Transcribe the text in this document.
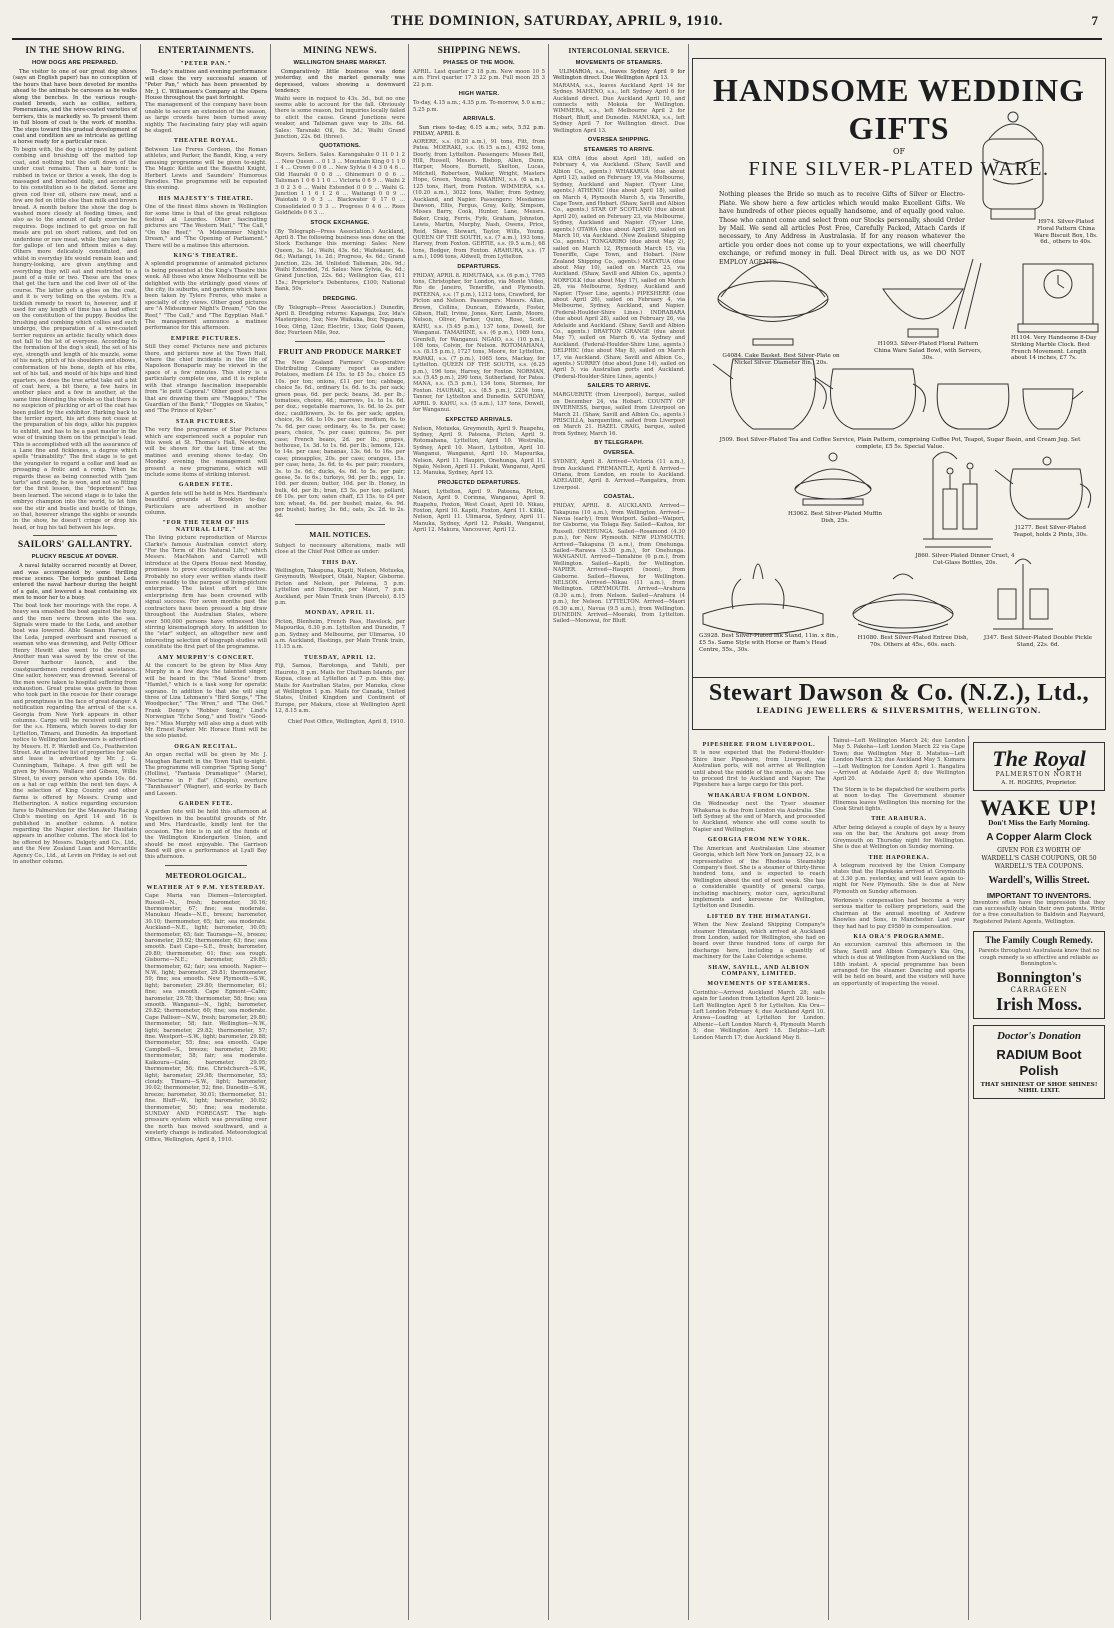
THE DOMINION, SATURDAY, APRIL 9, 1910.	7
IN THE SHOW RING.
HOW DOGS ARE PREPARED.

The visitor to one of our great dog shows (says an English paper) has no conception of the hours that have been devoted for months ahead to the animals he caresses as he walks along the benches. In the various rough-coated breeds, such as collies, setters, Pomeranians, and the wire-coated varieties of terriers, this is markedly so. To present them in full bloom of coat is the work of months. The steps toward this gradual development of coat and condition are as intricate as getting a horse ready for a particular race.

To begin with, the dog is stripped by patient combing and brushing off the matted top coat, and nothing but the soft down of the under coat remains. Then a hair tonic is rubbed in twice or thrice a week, the dog is massaged and brushed daily, and according to his constitution so is he dieted. Some are given cod liver oil, others raw meat, and a few are fed on little else than milk and brown bread. A month before the show the dog is washed more closely at feeding times, and also as to the amount of daily exercise he requires. Dogs inclined to get gross on full meals are put on short rations, and fed on underdone or raw meat, while they are taken for gallops of ten and fifteen miles a day. Others more delicately constituted, and whilst in everyday life would remain lean and hungry-looking, are given anything and everything they will eat and restricted to a jaunt of a mile or two. These are the ones that get the turn and the cod liver oil of the course. The latter gets a gloss on the coat, and it is very telling on the system. It's a ticklish remedy to resort to, however, and if used for any length of time has a bad effect on the constitution of the puppy. Besides the brushing and combing which collies and such undergo, the preparation of a wire-coated terrier requires an artistic faculty which does not fall to the lot of everyone. According to the formation of the dog's skull, the set of his eye, strength and length of his muzzle, some of his neck, pitch of his shoulders and elbows, conformation of his bone, depth of his ribs, set of his tail, and mould of his hips and hind quarters, so does the true artist take out a bit of coat here, a bit there, a few hairs in another place and a few in another, at the same time blending the whole so that there is no suspicion of plucking or art of the coat has been pulled by the exhibitor. Harking back to the terrier expert, his art does not cease at the preparation of his dogs, alike his puppies to exhibit, and has to be a past master in the wise of training them on the principal's lead. This is accomplished with all the assurance of a Lane fine and fickleness, a degree which spells "trainability." The first stage is to get the youngster to regard a collar and lead as presaging a frolic and a romp. When he regards these as being connected with "jam tarts" and candy, he is won, and not so fitting for the first lesson, the "deportment" has been learned. The second stage is to take the embryo champion into the world, to let him see the stir and bustle and bustle of things, so that, however strange the sights or sounds in the show, he doesn't cringe or drop his head, or hug his tail between his legs.
SAILORS' GALLANTRY.
PLUCKY RESCUE AT DOVER.

A naval fatality occurred recently at Dover, and was accompanied by some thrilling rescue scenes. The torpedo gunboat Leda entered the naval harbour during the height of a gale, and lowered a boat containing six men to moor her to a buoy.

The boat took her moorings with the rope. A heavy sea smashed the boat against the buoy, and the men were thrown into the sea. Signals were made to the Leda, and another boat was lowered. Able Seaman Harvey, of the Leda, jumped overboard and rescued a seaman who was drowning, and Petty Officer Henry Hewitt also went to the rescue. Another man was saved by the crew of the Dover harbour launch, and the coastguardsmen rendered great assistance. One sailor, however, was drowned. Several of the men were taken to hospital suffering from exhaustion. Great praise was given to those who took part in the rescue for their courage and promptness in the face of great danger. A notification regarding the arrival of the s.s. Georgia from New York appears in other columns. Cargo will be received until noon for the s.s. Himera, which leaves to-day for Lyttelton, Timaru, and Dunedin. An important notice to Wellington landowners is advertised by Messrs. H. F. Wardell and Co., Featherston Street. An attractive list of properties for sale and lease is advertised by Mr. J. G. Cunningham, Taihape. A free gift will be given by Messrs. Wallace and Gibson, Willis Street, to every person who spends 10s. 6d. on a hat or cap within the next ten days. A fine selection of King Country and other farms is offered by Messrs. Crump and Hetherington. A notice regarding excursion fares to Palmerston for the Manawatu Racing Club's meeting on April 14 and 16 is published in another column. A notice regarding the Napier election for Haultain appears in another column. The stock list to be offered by Messrs. Dalgety and Co., Ltd., and the New Zealand Loan and Mercantile Agency Co., Ltd., at Levin on Friday, is set out in another column.
ENTERTAINMENTS.
"PETER PAN."

To-day's matinee and evening performance will close the very successful season of "Peter Pan," which has been presented by Mr. J. C. Williamson's Company at the Opera House throughout the past fortnight.

The management of the company have been unable to secure an extension of the season, as large crowds have been turned away nightly. The fascinating fairy play will again be staged.
THEATRE ROYAL.
Between Les Freres Cordeon, the Roman athletes, and Parker, the Bandit, King, a very amusing programme will be given to-night. The Magic Kettle and the Boastful Knight, Herbert Lewis and Saunders' Humorous Parodies. The programme will be repeated this evening.
HIS MAJESTY'S THEATRE.
One of the finest films shown in Wellington for some time is that of the great religious festival at Lourdes. Other fascinating pictures are "The Western Mail," "The Call," "On the Reef," "A Midsummer Night's Dream," and "The Opening of Parliament." There will be a matinee this afternoon.
KING'S THEATRE.
A splendid programme of animated pictures is being presented at the King's Theatre this week. All those who know Melbourne will be delighted with the strikingly good views of the city, its suburbs, and gardens which have been taken by Tylers Freres, who make a specialty of city views. Other good pictures are "A Midsummer Night's Dream," "On the Reef," "The Call," and "The Egyptian Mail." The management announce a matinee performance for this afternoon.
EMPIRE PICTURES.
Still they come! Pictures new and pictures there, and pictures now at the Town Hall, where the chief incidents in the life of Napoleon Bonaparte may be viewed in the space of a few minutes. This story is a particularly complete one, and it is replete with that strange fascination inseparable from "le petit Caporal." Other good pictures that are drawing them are "Magpies," "The Guardian of the Bank," "Doggies on Skates," and "The Prince of Kyber."
STAR PICTURES.
The very fine programme of Star Pictures which are experienced such a popular run this week at St. Thomas's Hall, Newtown, will be shown for the last time at the matinee and evening shows to-day. On Monday evening the management will present a new programme, which will include some items of striking interest.
GARDEN FETE.
A garden fete will be held in Mrs. Hardman's beautiful grounds at Brooklyn to-day. Particulars are advertised in another column.
"FOR THE TERM OF HIS NATURAL LIFE."
The living picture reproduction of Marcus Clarke's famous Australian convict story, "For the Term of His Natural Life," which Messrs. MacMahon and Carroll will introduce at the Opera House next Monday, promises to prove exceptionally attractive. Probably no story ever written stands itself more readily to the purpose of living-picture enterprise. The latest effort of this enterprising firm has been crowned with signal success. For seven months past the contractors have been pressed a big draw throughout the Australian States, where over 500,000 persons have witnessed this stirring kinematograph story. In addition to the "star" subject, an altogether new and interesting selection of biograph studies will constitute the first part of the programme.
AMY MURPHY'S CONCERT.
At the concert to be given by Miss Amy Murphy in a few days the talented singer, will be heard in the "Mad Scene" from "Hamlet," which is a task song for operatic soprano. In addition to that she will sing three of Liza Lehmann's "Bird Songs," "The Woodpecker," "The Wren," and "The Owl." Frank Denny's "Robber Song," Lind's Norwegian "Echo Song," and Tosti's "Good-bye." Miss Murphy will also sing a duet with Mr. Ernest Parker. Mr. Horace Hunt will be the solo pianist.
ORGAN RECITAL.
An organ recital will be given by Mr. J. Maughan Barnett in the Town Hall to-night. The programme will comprise "Spring Song" (Hollins), "Fantasia Dramatique" (Marie), "Nocturne in F flat" (Chopin), overture "Tannhauser" (Wagner), and works by Bach and Lassen.
GARDEN FETE.
A garden fete will be held this afternoon at Vogeltown in the beautiful grounds of Mr. and Mrs. Hardcastle, kindly lent for the occasion. The fete is in aid of the funds of the Wellington Kindergarten Union, and should be most enjoyable. The Garrison Band will give a performance at Lyall Bay this afternoon.
METEOROLOGICAL.
WEATHER AT 9 P.M. YESTERDAY.
Cape Maria van Diemen—Intercepted. Russell—N., fresh; barometer, 30.16; thermometer, 67; fine; sea moderate. Manukau Heads—N.E., breeze; barometer, 30.10; thermometer, 65; fair; sea moderate. Auckland—N.E., light; barometer, 30.05; thermometer, 65; fair. Tauranga—N., breeze; barometer, 29.92; thermometer, 63; fine; sea smooth. East Cape—S.E., fresh; barometer, 29.80; thermometer, 61; fine; sea rough. Gisborne—N.E.; barometer, 29.85; thermometer, 62; fair; sea smooth. Napier—N.W., light; barometer, 29.81; thermometer, 59; fine; sea smooth. New Plymouth—S.W., light; barometer, 29.80; thermometer, 61; fine; sea smooth. Cape Egmont—Calm; barometer, 29.78; thermometer, 58; fine; sea smooth. Wanganui—N., light; barometer, 29.82; thermometer, 60; fine; sea moderate. Cape Palliser—N.W., fresh; barometer, 29.80; thermometer, 58; fair. Wellington—N.W., light; barometer, 29.82; thermometer, 57; fine. Westport—S.W., light; barometer, 29.88; thermometer, 55; fine; sea smooth. Cape Campbell—S., breeze; barometer, 29.90; thermometer, 58; fair; sea moderate. Kaikoura—Calm; barometer, 29.95; thermometer, 56; fine. Christchurch—S.W., light; barometer, 29.98; thermometer, 55; cloudy. Timaru—S.W., light; barometer, 30.02; thermometer, 52; fine. Dunedin—S.W., breeze; barometer, 30.01; thermometer, 51; fine. Bluff—W., light; barometer, 30.02; thermometer, 50; fine; sea moderate. SUNDAY AND FORECAST. The high-pressure system which was prevailing over the north has moved southward, and a westerly change is indicated. Meteorological Office, Wellington, April 8, 1910.
MINING NEWS.
WELLINGTON SHARE MARKET.

Comparatively little business was done yesterday, and the market generally was depressed, values showing a downward tendency.

Waihi were in request to 43s. 3d., but no one seems able to account for the fall. Obviously there is some reason, but inquiries locally failed to elicit the cause. Grand Junctions were weaker, and Talisman gave way to 20s. 6d. Sales: Taranaki Oil, 8s. 3d.; Waihi Grand Junction, 22s. 6d. (three).
QUOTATIONS.
Buyers. Sellers. Sales. Karangahake 0 11 0 1 2 ... New Queen ... 0 1 3 ... Mountain King 0 1 1 0 1 4 ... Crown 0 0 6 ... New Sylvia 0 4 3 0 4 6 ... Old Hauraki 0 0 8 ... Ohinemuri 0 0 6 ... Talisman 1 0 6 1 1 0 ... Victoria 0 6 9 ... Waihi 2 3 0 2 3 6 ... Waihi Extended 0 0 9 ... Waihi G. Junction 1 1 6 1 2 6 ... Waitangi 0 0 9 ... Waiotahi 0 0 3 ... Blackwater 0 17 0 ... Consolidated 0 5 3 ... Progress 0 4 6 ... Rees Goldfields 0 6 3 ...
STOCK EXCHANGE.
(By Telegraph—Press Association.) Auckland, April 8. The following business was done on the Stock Exchange this morning: Sales: New Queen, 3s. 1d.; Waihi, 43s. 6d.; Waitekauri, 4s. 6d.; Waitangi, 1s. 2d.; Progress, 4s. 6d.; Grand Junction, 22s. 3d. Unlisted: Talisman, 20s. 9d.; Waihi Extended, 7d. Sales: New Sylvia, 4s. 4d.; Grand Junction, 22s. 6d.; Wellington Gas, £11 15s.; Proprietor's Debentures, £100; National Bank, 50s.
DREDGING.
(By Telegraph—Press Association.) Dunedin, April 8. Dredging returns: Kapanga, 2oz; Ida's Masterpiece, 5oz; New Waikaka, 8oz; Ngapara, 10oz; Olrig, 12oz; Electric, 13oz; Gold Queen, 8oz; Fourteen Mile, 9oz.
FRUIT AND PRODUCE MARKET
The New Zealand Farmers' Co-operative Distributing Company report as under: Potatoes, medium £4 15s. to £5 5s.; choice £5 10s. per ton; onions, £11 per ton; cabbage, choice 5s. 6d., ordinary 1s. 6d. to 3s. per sack; green peas, 6d. per peck; beans, 3d. per lb.; tomatoes, choice, 4d.; marrows, 1s. to 1s. 6d. per doz.; vegetable marrows, 1s. 6d. to 2s. per doz.; cauliflowers, 3s. to 6s. per sack; apples, choice, 9s. 6d. to 10s. per case; medium, 6s. to 7s. 6d. per case; ordinary, 4s. to 5s. per case; pears, choice, 7s. per case; quinces, 5s. per case; French beans, 2d. per lb.; grapes, hothouse, 1s. 3d. to 1s. 6d. per lb.; lemons, 12s. to 14s. per case; bananas, 13s. 6d. to 16s. per case; pineapples, 20s. per case; oranges, 15s. per case; hens, 3s. 6d. to 4s. per pair; roosters, 3s. to 3s. 6d.; ducks, 4s. 6d. to 5s. per pair; geese, 5s. to 6s.; turkeys, 9d. per lb.; eggs, 1s. 10d. per dozen; butter, 10d. per lb. Honey, in bulk, 4d. per lb.; bran, £5 5s. per ton; pollard, £6 10s. per ton; oaten chaff, £3 15s. to £4 per ton; wheat, 4s. 6d. per bushel; maize, 4s. 9d. per bushel; barley, 3s. 6d.; oats, 2s. 2d. to 2s. 4d.
MAIL NOTICES.
Subject to necessary alterations, mails will close at the Chief Post Office as under:
THIS DAY.
Wellington, Takapuna, Kapiti, Nelson, Motueka, Greymouth, Westport, Otaki, Napier, Gisborne. Picton and Nelson, per Pateena, 5 p.m. Lyttelton and Dunedin, per Maori, 7 p.m. Auckland, per Main Trunk train (Parcels), 8.15 p.m.
MONDAY, APRIL 11.
Picton, Blenheim, French Pass, Havelock, per Mapourika, 6.30 p.m. Lyttelton and Dunedin, 7 p.m. Sydney and Melbourne, per Ulimaroa, 10 a.m. Auckland, Hastings, per Main Trunk train, 11.15 a.m.
TUESDAY, APRIL 12.
Fiji, Samoa, Rarotonga, and Tahiti, per Hauroto, 8 p.m. Mails for Chatham Islands, per Kopua, close at Lyttelton at 7 p.m. this day. Mails for Australian States, per Manuka, close at Wellington 1 p.m. Mails for Canada, United States, United Kingdom and Continent of Europe, per Makura, close at Wellington April 12, 8.15 a.m.
Chief Post Office, Wellington, April 8, 1910.
SHIPPING NEWS.
PHASES OF THE MOON.
APRIL. Last quarter 2 18 p.m. New moon 10 5 a.m. First quarter 17 3 22 p.m. Full moon 25 3 22 p.m.
HIGH WATER.
To-day, 4.15 a.m.; 4.35 p.m. To-morrow, 5.0 a.m.; 5.25 p.m.
ARRIVALS.

Sun rises to-day, 6.15 a.m.; sets, 5.52 p.m. FRIDAY, APRIL 8.

AORERE, s.s. (9.20 a.m.), 91 tons, Fitt, from Patea. MOERAKI, s.s. (6.15 a.m.), 4392 tons, Doorly, from Lyttelton. Passengers: Misses Bell, Hill, Russell, Messrs. Bishop, Allen, Dunn, Harper, Moore, Burnett, Skelton, Lucas, Mitchell, Robertson, Walker, Wright, Masters Hope, Green, Young. MAKARINI, s.s. (6 a.m.), 125 tons, Hart, from Foxton. WIMMERA, s.s. (10.20 a.m.), 3022 tons, Waller, from Sydney, Auckland, and Napier. Passengers: Mesdames Dawson, Ellis, Fergus, Gray, Kelly, Simpson, Misses Barry, Cook, Hunter, Lane, Messrs. Baker, Craig, Ferris, Fyfe, Graham, Johnston, Lewis, Martin, Murphy, Nash, Owens, Price, Reid, Shaw, Stewart, Taylor, Wills, Young. QUEEN OF THE SOUTH, s.s. (7 a.m.), 193 tons, Harvey, from Foxton. GERTIE, s.s. (9.5 a.m.), 68 tons, Bodger, from Foxton. ARAHURA, s.s. (7 a.m.), 1096 tons, Aldwell, from Lyttelton.
DEPARTURES.
FRIDAY, APRIL 8. RIMUTAKA, s.s. (6 p.m.), 7765 tons, Christopher, for London, via Monte Video, Rio de Janeiro, Teneriffe, and Plymouth. PATEENA, s.s. (7 p.m.), 1212 tons, Crawford, for Picton and Nelson. Passengers: Messrs. Allan, Brown, Collins, Duncan, Edwards, Foster, Gibson, Hall, Irvine, Jones, Kerr, Lamb, Moore, Nelson, Oliver, Parker, Quinn, Rose, Scott. KAHU, s.s. (5.45 p.m.), 137 tons, Dowell, for Wanganui. TAMAHINE, s.s. (6 p.m.), 1989 tons, Grenfell, for Wanganui. NGAIO, s.s. (10 p.m.), 108 tons, Colvin, for Nelson. ROTOMAHANA, s.s. (8.15 p.m.), 1727 tons, Moore, for Lyttelton. RAPAKI, s.s. (7 p.m.), 1065 tons, Mackay, for Lyttelton. QUEEN OF THE SOUTH, s.s. (6.25 p.m.), 196 tons, Harvey, for Foxton. NORMAN, s.s. (5.45 p.m.), 290 tons, Sutherland, for Patea. MANA, s.s. (5.5 p.m.), 134 tons, Stormes, for Foxton. HAURAKI, s.s. (8.5 p.m.), 2234 tons, Tanner, for Lyttelton and Dunedin. SATURDAY, APRIL 9. KAHU, s.s. (5 a.m.), 137 tons, Dowell, for Wanganui.
EXPECTED ARRIVALS.
Nelson, Motueka, Greymouth, April 9. Ruapehu, Sydney, April 9. Pateena, Picton, April 9. Rotomahana, Lyttelton, April 10. Westralia, Sydney, April 10. Maori, Lyttelton, April 10. Wanganui, Wanganui, April 10. Mapourika, Nelson, April 11. Haupiri, Onehunga, April 11. Ngaio, Nelson, April 11. Pukaki, Wanganui, April 12. Manuka, Sydney, April 13.
PROJECTED DEPARTURES.
Maori, Lyttelton, April 9. Pateena, Picton, Nelson, April 9. Corinna, Wanganui, April 9. Ruapehu, Foxton, West Coast, April 10. Nikau, Foxton, April 10. Kapiti, Foxton, April 11. Kiliki, Nelson, April 11. Ulimaroa, Sydney, April 11. Manuka, Sydney, April 12. Pukaki, Wanganui, April 12. Makura, Vancouver, April 12.
INTERCOLONIAL SERVICE.
MOVEMENTS OF STEAMERS.

ULIMAROA, s.s., leaves Sydney April 9 for Wellington direct. Due Wellington April 13.

MARAMA, s.s., leaves Auckland April 14 for Sydney. MAHENO, s.s., left Sydney April 6 for Auckland direct. Due Auckland April 10, and connects with Mokoia for Wellington. WIMMERA, s.s., left Melbourne April 2 for Hobart, Bluff, and Dunedin. MANUKA, s.s., left Sydney April 7 for Wellington direct. Due Wellington April 13.
OVERSEA SHIPPING.
STEAMERS TO ARRIVE.
KIA ORA (due about April 18), sailed on February 4, via Auckland. (Shaw, Savill and Albion Co., agents.) WHAKARUA (due about April 12), sailed on February 19, via Melbourne, Sydney, Auckland and Napier. (Tyser Line, agents.) ATHENIC (due about April 18), sailed on March 4, Plymouth March 5, via Teneriffe, Cape Town, and Hobart. (Shaw, Savill and Albion Co., agents.) STAR OF SCOTLAND (due about April 20), sailed on February 23, via Melbourne, Sydney, Auckland and Napier. (Tyser Line, agents.) OTAWA (due about April 29), sailed on March 10, via Auckland. (New Zealand Shipping Co., agents.) TONGARIRO (due about May 2), sailed on March 12, Plymouth March 15, via Teneriffe, Cape Town, and Hobart. (New Zealand Shipping Co., agents.) MATATUA (due about May 10), sailed on March 23, via Auckland. (Shaw, Savill and Albion Co., agents.) NORFOLK (due about May 17), sailed on March 28, via Melbourne, Sydney, Auckland and Napier. (Tyser Line, agents.) PIPESHERE (due about April 26), sailed on February 4, via Melbourne, Sydney, Auckland, and Napier. (Federal-Houlder-Shire Lines.) INDRABARA (due about April 28), sailed on February 26, via Adelaide and Auckland. (Shaw, Savill and Albion Co., agents.) DRAYTON GRANGE (due about May 7), sailed on March 6, via Sydney and Auckland. (Federal-Houlder-Shire Line, agents.) DELPHIC (due about May 8), sailed on March 17, via Auckland. (Shaw, Savill and Albion Co., agents.) SURREY (due about June 14), sailed on April 5, via Australian ports and Auckland. (Federal-Houlder-Shire Lines, agents.)
SAILERS TO ARRIVE.
MARGUERITE (from Liverpool), barque, sailed on December 24, via Hobart. COUNTY OF INVERNESS, barque, sailed from Liverpool on March 21. (Shaw, Savill and Albion Co., agents.) PRISCILLA, barquentine, sailed from Liverpool on March 21. HAZEL CRAIG, barque, sailed from Sydney, March 16.
BY TELEGRAPH.
OVERSEA.
SYDNEY, April 8. Arrived—Victoria (11 a.m.), from Auckland. FREMANTLE, April 8. Arrived—Oriana, from London, en route to Auckland. ADELAIDE, April 8. Arrived—Rangatira, from Liverpool.
COASTAL.
FRIDAY, APRIL 8. AUCKLAND. Arrived—Takapuna (10 a.m.), from Wellington. Arrived—Navua (early), from Westport. Sailed—Waipori, for Gisborne, via Tolaga Bay. Sailed—Kaitoa, for Russell. ONEHUNGA. Sailed—Rosamond (4.30 p.m.), for New Plymouth. NEW PLYMOUTH. Arrived—Takapuna (5 a.m.), from Onehunga. Sailed—Rarawa (3.30 p.m.), for Onehunga. WANGANUI. Arrived—Tamahine (6 p.m.), from Wellington. Sailed—Kapiti, for Wellington. NAPIER. Arrived—Haupiri (noon), from Gisborne. Sailed—Hawea, for Wellington. NELSON. Arrived—Nikau (11 a.m.), from Wellington. GREYMOUTH. Arrived—Arahura (8.30 a.m.), from Nelson. Sailed—Arahura (4 p.m.), for Nelson. LYTTELTON. Arrived—Maori (6.30 a.m.), Navua (9.5 a.m.), from Wellington. DUNEDIN. Arrived—Moeraki, from Lyttelton. Sailed—Monowai, for Bluff.
HANDSOME WEDDING GIFTS
OF
FINE SILVER-PLATED WARE.
Nothing pleases the Bride so much as to receive Gifts of Silver or Electro-Plate. We show here a few articles which would make Excellent Gifts. We have hundreds of other pieces equally handsome, and of equally good value. Those who cannot come and select from our Stocks personally, should Order by Mail. We send all articles Post Free, Carefully Packed, Attach Cards if necessary, to Any Address in Australasia. If for any reason whatever the article you order does not come up to your expectations, we will cheerfully exchange, or refund money in full. Deal Direct with us, as we DO NOT EMPLOY AGENTS.
H974. Silver-Plated Floral Pattern China Ware Biscuit Box, 18s. 6d., others to 40s.
H1093. Silver-Plated Floral Pattern China Ware Salad Bowl, with Servers, 30s.
H1104. Very Handsome 8-Day Striking Marble Clock. Best French Movement. Length about 14 inches, £7 7s.
J509. Best Silver-Plated Tea and Coffee Service, Plain Pattern, comprising Coffee Pot, Teapot, Sugar Basin, and Cream Jug. Set complete, £5 5s. Special Value.
H3062. Best Silver-Plated Muffin Dish, 25s.
J1277. Best Silver-Plated Teapot, holds 2 Pints, 30s.
J860. Silver-Plated Dinner Cruet, 4 Cut-Glass Bottles, 20s.
G3928. Best Silver-Plated Ink Stand, 11in. x 8in., £5 5s. Same Style with Horse or Ram's Head Centre, 55s., 30s.
H1080. Best Silver-Plated Entree Dish, 70s. Others at 45s., 60s. each.
J347. Best Silver-Plated Double Pickle Stand, 22s. 6d.
G4084. Cake Basket. Best Silver-Plate on Nickel Silver. Diameter 8in., 20s.
Stewart Dawson & Co. (N.Z.), Ltd.,
LEADING JEWELLERS & SILVERSMITHS, WELLINGTON.
PIPESHERE FROM LIVERPOOL.
It is now expected that the Federal-Houlder-Shire liner Pipeshere, from Liverpool, via Australian ports, will not arrive at Wellington until about the middle of the month, as she has to proceed first to Auckland and Napier. The Pipeshere has a large cargo for this port.
WHAKARUA FROM LONDON.
On Wednesday next the Tyser steamer Whakarua is due from London via Australia. She left Sydney at the end of March, and proceeded to Auckland, whence she will come south to Napier and Wellington.
GEORGIA FROM NEW YORK.
The American and Australasian Line steamer Georgia, which left New York on January 22, is a representative of the Rhodesia Steamship Company's fleet. She is a steamer of thirty-three hundred tons, and is expected to reach Wellington about the end of next week. She has a considerable quantity of general cargo, including machinery, motor cars, agricultural implements and kerosene for Wellington, Lyttelton and Dunedin.
LIFTED BY THE HIMATANGI.
When the New Zealand Shipping Company's steamer Himatangi, which arrived at Auckland from London, sailed for Wellington, she had on board over three hundred tons of cargo for discharge here, including a quantity of machinery for the Lake Coleridge scheme.
SHAW, SAVILL, AND ALBION COMPANY, LIMITED.
MOVEMENTS OF STEAMERS.
Corinthic—Arrived Auckland March 28; sails again for London from Lyttelton April 20. Ionic—Left Wellington April 5 for Lyttelton. Kia Ora—Left London February 4; due Auckland April 10. Arawa—Loading at Lyttelton for London. Athenic—Left London March 4, Plymouth March 5; due Wellington April 18. Delphic—Left London March 17; due Auckland May 8.
Tainui—Left Wellington March 24; due London May 5. Pakeha—Left London March 22 via Cape Town; due Wellington May 8. Matatua—Left London March 23; due Auckland May 5. Kumara—Left Wellington for London April 1. Rangatira—Arrived at Adelaide April 8; due Wellington April 20.
The Storm is to be dispatched for southern ports at noon to-day. The Government steamer Hinemoa leaves Wellington this morning for the Cook Strait lights.
THE ARAHURA.
After being delayed a couple of days by a heavy sea on the bar, the Arahura got away from Greymouth on Thursday night for Wellington. She is due at Wellington on Sunday morning.
THE HAPOREKA.
A telegram received by the Union Company states that the Hapokeka arrived at Greymouth at 3.30 p.m. yesterday, and will leave again to-night for New Plymouth. She is due at New Plymouth on Sunday afternoon.
Workmen's compensation had become a very serious matter to colliery proprietors, said the chairman at the annual meeting of Andrew Knowles and Sons, in Manchester. Last year they had had to pay £9580 in compensation.
KIA ORA'S PROGRAMME.
An excursion carnival this afternoon in the Shaw, Savill and Albion Company's Kia Ora, which is due at Wellington from Auckland on the 18th instant. A special programme has been arranged for the steamer. Dancing and sports will be held on board, and the visitors will have an opportunity of inspecting the vessel.
The Royal
PALMERSTON NORTH
A. H. ROGERS, Proprietor.
WAKE UP!
Don't Miss the Early Morning.
A Copper Alarm Clock
GIVEN FOR £3 WORTH OF WARDELL'S CASH COUPONS, OR 50 WARDELL'S TEA COUPONS.
Wardell's, Willis Street.
IMPORTANT TO INVENTORS.
Inventors often have the impression that they can successfully obtain their own patents. Write for a free consultation to Baldwin and Rayward, Registered Patent Agents, Wellington.
The Family Cough Remedy.
Parents throughout Australasia know that no cough remedy is so effective and reliable as Bonnington's.
Bonnington's
CARRAGEEN
Irish Moss.
Doctor's Donation
RADIUM Boot Polish
THAT SHINIEST OF SHOE SHINES!
NIHIL LIXIT.
